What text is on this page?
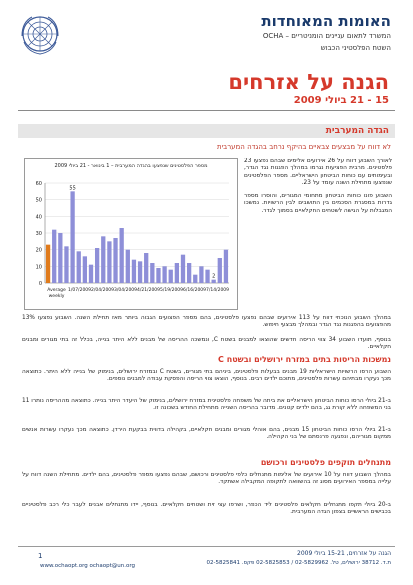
האומות המאוחדות
המשרד לתאום עניינים הומניטריים – OCHA
השטח הפלסטיני הכבוש
הגנה על אזרחים
15 - 21 ביולי 2009
הגדה המערבית
לא דווח על מבצעים צבאיים בהיקף נרחב בהגדה המערבית

לאורך השבוע דווח על 26 אירועים אלימים שבהם נפצעו 23 פלסטינים. מרבית הפציעות נגרמו במהלך הפגנות נגד הגדר, ובעימותים עם כוחות הביטחון הישראליים. מספר הפלסטינים שנפצעו מתחילת השנה עומד על 23.

השבוע פונו כוחות הביטחון מתחומי המגורים, והוסרו מספר גדרות במסגרת הסכמים בין התושבים לבין הרשויות. נמשכו המגבלות על הגישה לשטחים החקלאיים בסמוך לגדר.

מספר הפלסטינים שנפצעו בהגדה המערבית – 1 בינואר - 21 ביולי 2009
0
10
20
30
40
50
60
55
2
Average
weekly
1/07/2009 2/04/2009 3/04/2009 4/21/2009 5/19/2009 6/16/2009 7/14/2009
במהלך השבוע הנוכחי דווח על 113 אירועים שבהם נפצעו פלסטינים, בהם מספר הפצועים הגבוה ביותר מאז תחילת השנה. השבוע נפצעו 13% מהפצועים בהפגנות נגד הגדר ובמהלך מבצעי חיפוש.
בנוסף, תועדו השבוע 34 צווי הריסה חדשים שהוצאו למבנים בשטח C, ונמשכה ההריסה של מבנים ללא היתר בנייה, בכלל זה בתי מגורים ומבנים חקלאיים.
נמשכות הריסות בתים במזרח ירושלים ובשטח C
השבוע הרסו הרשויות הישראליות 19 מבנים בבעלות פלסטינים, ביניהם בתי מגורים, בשטח C ובמזרח ירושלים, בנימוק של בנייה ללא היתר. כתוצאה מכך נעקרו מבתיהם עשרות פלסטינים, מתוכם ילדים רבים. בנוסף, הוצאו צווי הריסה והפסקת עבודה למבנים נוספים.
ב-21 ביולי הרסו כוחות הביטחון הישראליים את ביתה של משפחה פלסטינית במזרח ירושלים, בנימוק של היעדר היתר בנייה. כתוצאה מההריסה נותרו 11 בני המשפחה ללא קורת גג, בהם ילדים קטנים. מדובר בהריסה השנייה מתחילת החודש בשכונה זו.
ב-21 ביולי הרסו כוחות הביטחון 15 מבנים, בהם אוהלי מגורים ומבנים חקלאיים, בקהילה בדווית בבקעת הירדן. כתוצאה מכך נעקרו עשרות אנשים ממקום מגוריהם, ונפגעה פרנסתם של בני הקהילה.
מתנחלים תוקפים פלסטינים ורכושם
במהלך השבוע דווח על 10 אירועים של אלימות מתנחלים כלפי פלסטינים ורכושם, שבהם נפצעו מספר פלסטינים, בהם ילדים. מתחילת השנה דווח על עלייה במספר האירועים מסוג זה בהשוואה לתקופה המקבילה אשתקד.
ב-20 ביולי תקפו מתנחלים חקלאים פלסטינים ליד הכפר, ושרפו עצי זית ושטחים חקלאיים. בנוסף, יידו מתנחלים אבנים לעבר כלי רכב פלסטיניים בכבישים הראשיים בצפון הגדה המערבית.
הגנה על אזרחים, 15-21 ביולי 2009
ת.ד. 38712 ירושלים, טל. 02-5829962 / 02-5825853 פקס. 02-5825841
1
www.ochaopt.org ochaopt@un.org
